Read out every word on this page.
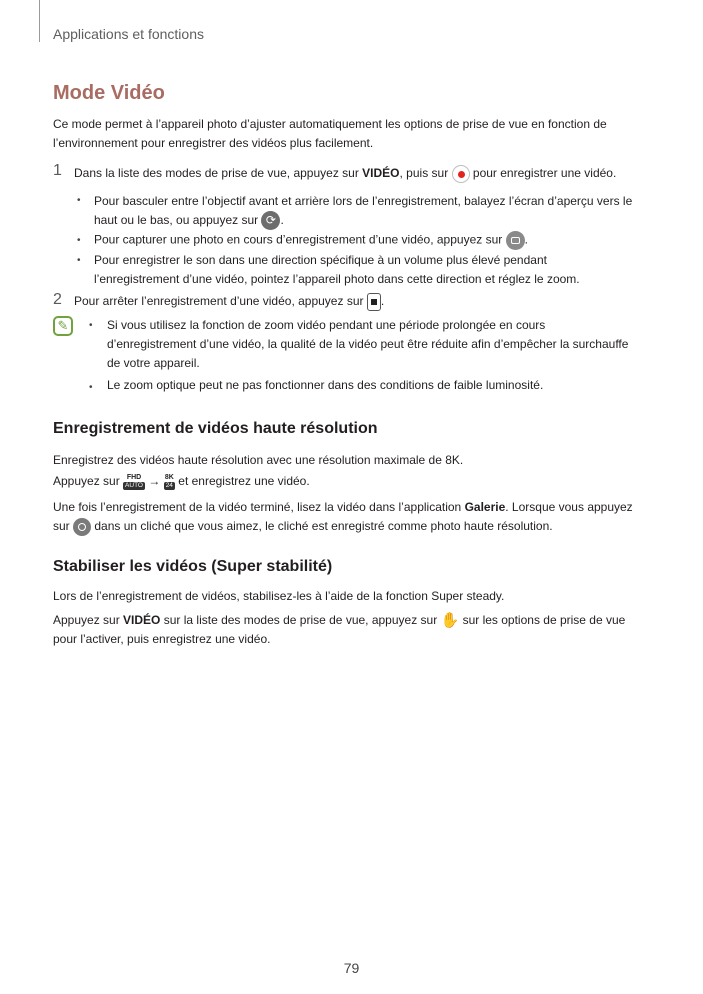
Applications et fonctions
Mode Vidéo
Ce mode permet à l’appareil photo d’ajuster automatiquement les options de prise de vue en fonction de l’environnement pour enregistrer des vidéos plus facilement.
1 Dans la liste des modes de prise de vue, appuyez sur VIDÉO, puis sur  pour enregistrer une vidéo.
• Pour basculer entre l’objectif avant et arrière lors de l’enregistrement, balayez l’écran d’aperçu vers le
haut ou le bas, ou appuyez sur ⟳ .
• Pour capturer une photo en cours d’enregistrement d’une vidéo, appuyez sur .
• Pour enregistrer le son dans une direction spécifique à un volume plus élevé pendant
l’enregistrement d’une vidéo, pointez l’appareil photo dans cette direction et réglez le zoom.
2 Pour arrêter l’enregistrement d’une vidéo, appuyez sur .
✎	• Si vous utilisez la fonction de zoom vidéo pendant une période prolongée en cours
d’enregistrement d’une vidéo, la qualité de la vidéo peut être réduite afin d’empêcher la surchauffe
de votre appareil.
• Le zoom optique peut ne pas fonctionner dans des conditions de faible luminosité.
Enregistrement de vidéos haute résolution
Enregistrez des vidéos haute résolution avec une résolution maximale de 8K.
Appuyez sur FHD
AUTO → 8K
24 et enregistrez une vidéo.
Une fois l’enregistrement de la vidéo terminé, lisez la vidéo dans l’application Galerie. Lorsque vous appuyez
sur  dans un cliché que vous aimez, le cliché est enregistré comme photo haute résolution.
Stabiliser les vidéos (Super stabilité)
Lors de l’enregistrement de vidéos, stabilisez-les à l’aide de la fonction Super steady.
Appuyez sur VIDÉO sur la liste des modes de prise de vue, appuyez sur ✋ sur les options de prise de vue
pour l’activer, puis enregistrez une vidéo.
79
